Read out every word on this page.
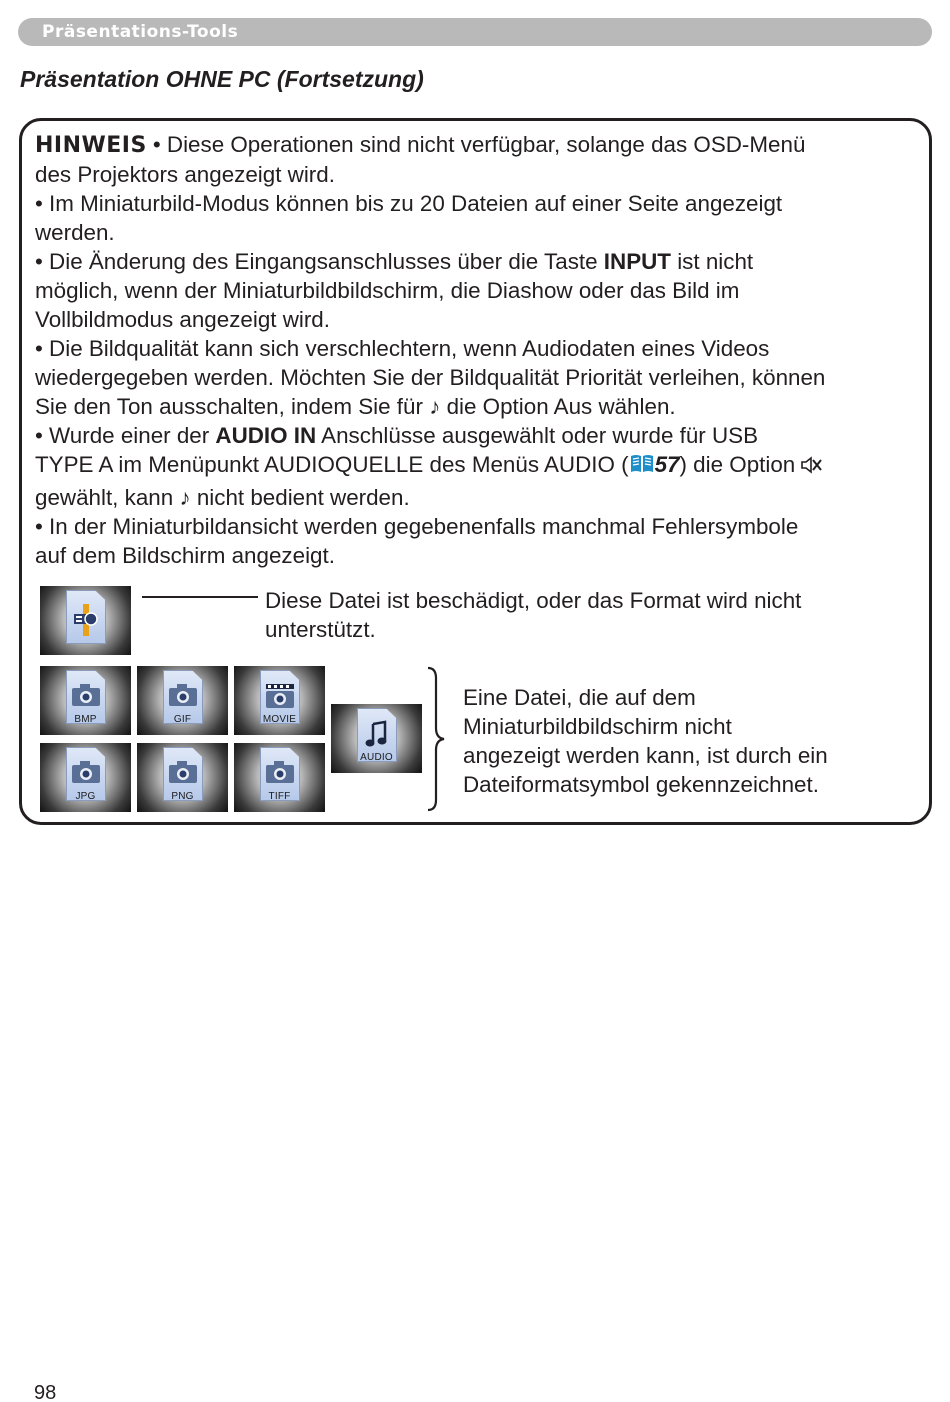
Präsentations-Tools
Präsentation OHNE PC (Fortsetzung)
HINWEIS • Diese Operationen sind nicht verfügbar, solange das OSD-Menü
des Projektors angezeigt wird.
• Im Miniaturbild-Modus können bis zu 20 Dateien auf einer Seite angezeigt
werden.
• Die Änderung des Eingangsanschlusses über die Taste INPUT ist nicht
möglich, wenn der Miniaturbildbildschirm, die Diashow oder das Bild im
Vollbildmodus angezeigt wird.
• Die Bildqualität kann sich verschlechtern, wenn Audiodaten eines Videos
wiedergegeben werden. Möchten Sie der Bildqualität Priorität verleihen, können
Sie den Ton ausschalten, indem Sie für ♪ die Option Aus wählen.
• Wurde einer der AUDIO IN Anschlüsse ausgewählt oder wurde für USB
TYPE A im Menüpunkt AUDIOQUELLE des Menüs AUDIO ( 57) die Option
gewählt, kann ♪ nicht bedient werden.
• In der Miniaturbildansicht werden gegebenenfalls manchmal Fehlersymbole
auf dem Bildschirm angezeigt.
Diese Datei ist beschädigt, oder das Format wird nicht
unterstützt.
BMP	GIF	MOVIE
JPG	PNG	TIFF
AUDIO
Eine Datei, die auf dem
Miniaturbildbildschirm nicht
angezeigt werden kann, ist durch ein
Dateiformatsymbol gekennzeichnet.
98
